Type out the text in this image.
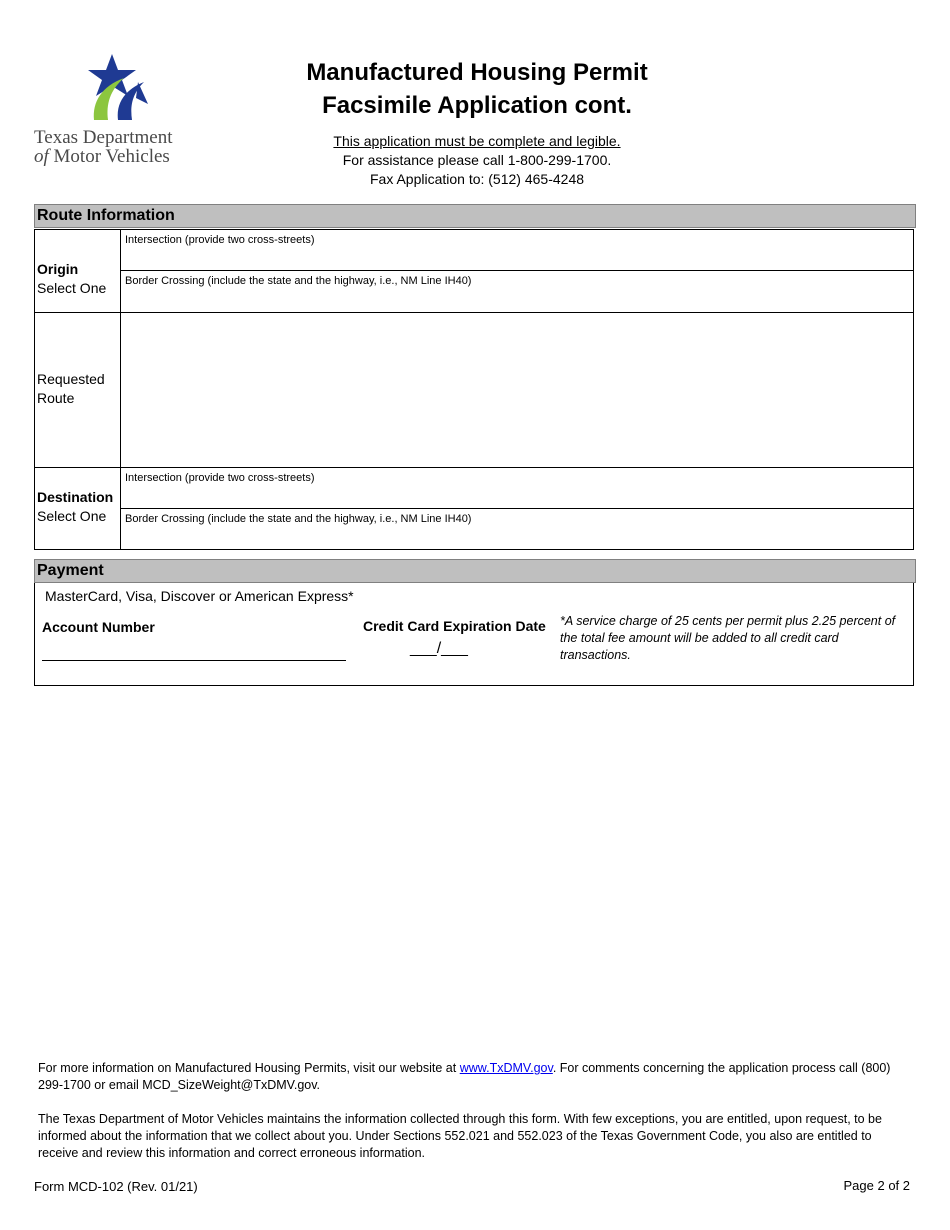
Texas Department
of Motor Vehicles
Manufactured Housing Permit
Facsimile Application cont.
This application must be complete and legible.
For assistance please call 1-800-299-1700.
Fax Application to: (512) 465-4248
Route Information
Origin
Select One
Intersection (provide two cross-streets)
Border Crossing (include the state and the highway, i.e., NM Line IH40)
Requested
Route
Destination
Select One
Intersection (provide two cross-streets)
Border Crossing (include the state and the highway, i.e., NM Line IH40)
Payment
MasterCard, Visa, Discover or American Express*
Account Number	Credit Card Expiration Date
___/___
*A service charge of 25 cents per permit plus 2.25 percent of the total fee amount will be added to all credit card transactions.

For more information on Manufactured Housing Permits, visit our website at www.TxDMV.gov. For comments concerning the application process call (800) 299-1700 or email MCD_SizeWeight@TxDMV.gov.

The Texas Department of Motor Vehicles maintains the information collected through this form. With few exceptions, you are entitled, upon request, to be informed about the information that we collect about you. Under Sections 552.021 and 552.023 of the Texas Government Code, you also are entitled to receive and review this information and correct erroneous information.

Form MCD-102 (Rev. 01/21)	Page 2 of 2
